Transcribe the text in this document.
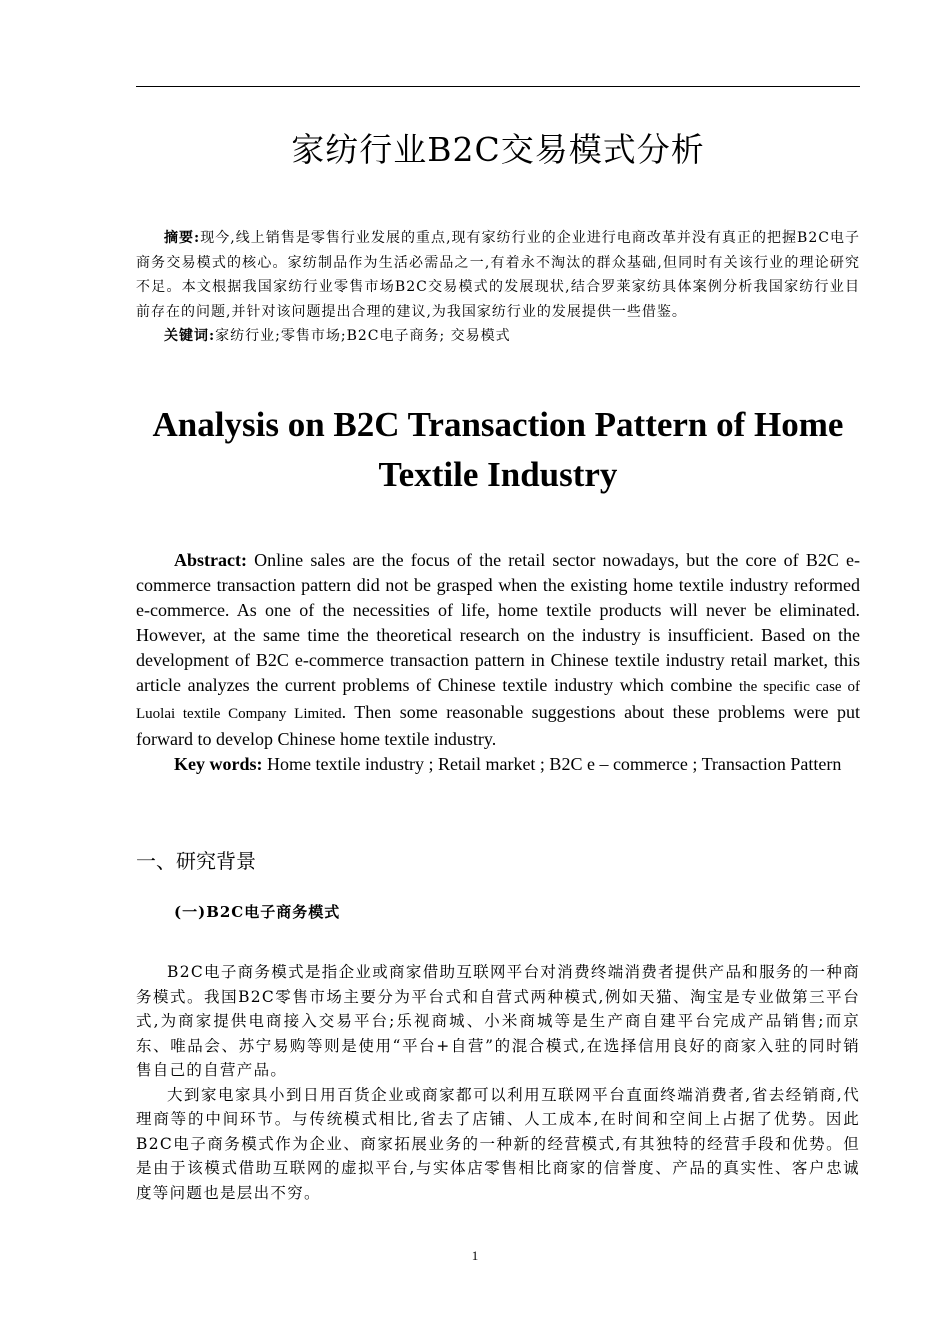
家纺行业B2C交易模式分析

摘要:现今,线上销售是零售行业发展的重点,现有家纺行业的企业进行电商改革并没有真正的把握B2C电子商务交易模式的核心。家纺制品作为生活必需品之一,有着永不淘汰的群众基础,但同时有关该行业的理论研究不足。本文根据我国家纺行业零售市场B2C交易模式的发展现状,结合罗莱家纺具体案例分析我国家纺行业目前存在的问题,并针对该问题提出合理的建议,为我国家纺行业的发展提供一些借鉴。

关键词:家纺行业;零售市场;B2C电子商务; 交易模式

Analysis on B2C Transaction Pattern of Home Textile Industry

Abstract: Online sales are the focus of the retail sector nowadays, but the core of B2C e-commerce transaction pattern did not be grasped when the existing home textile industry reformed e-commerce. As one of the necessities of life, home textile products will never be eliminated. However, at the same time the theoretical research on the industry is insufficient. Based on the development of B2C e-commerce transaction pattern in Chinese textile industry retail market, this article analyzes the current problems of Chinese textile industry which combine the specific case of Luolai textile Company Limited. Then some reasonable suggestions about these problems were put forward to develop Chinese home textile industry.

Key words: Home textile industry ; Retail market ; B2C e – commerce ; Transaction Pattern

一、研究背景
(一)B2C电子商务模式

B2C电子商务模式是指企业或商家借助互联网平台对消费终端消费者提供产品和服务的一种商务模式。我国B2C零售市场主要分为平台式和自营式两种模式,例如天猫、淘宝是专业做第三平台式,为商家提供电商接入交易平台;乐视商城、小米商城等是生产商自建平台完成产品销售;而京东、唯品会、苏宁易购等则是使用“平台+自营”的混合模式,在选择信用良好的商家入驻的同时销售自己的自营产品。

大到家电家具小到日用百货企业或商家都可以利用互联网平台直面终端消费者,省去经销商,代理商等的中间环节。与传统模式相比,省去了店铺、人工成本,在时间和空间上占据了优势。因此B2C电子商务模式作为企业、商家拓展业务的一种新的经营模式,有其独特的经营手段和优势。但是由于该模式借助互联网的虚拟平台,与实体店零售相比商家的信誉度、产品的真实性、客户忠诚度等问题也是层出不穷。

1
